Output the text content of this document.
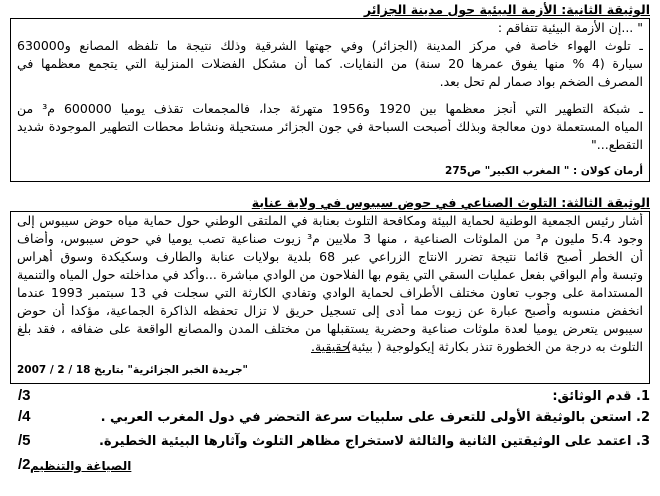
الوثيقة الثانية: الأزمة البيئية حول مدينة الجزائر
" ...إن الأزمة البيئية تتفاقم :
ـ تلوث الهواء خاصة في مركز المدينة (الجزائر) وفي جهتها الشرقية وذلك نتيجة ما تلفظه المصانع و630000
سيارة (4 % منها يفوق عمرها 20 سنة) من النفايات. كما أن مشكل الفضلات المنزلية التي يتجمع معظمها في
المصرف الضخم بواد صمار لم تحل بعد.
ـ شبكة التطهير التي أنجز معظمها بين 1920 و1956 متهرئة جدا، فالمجمعات تقذف يوميا 600000 م³ من
المياه المستعملة دون معالجة وبذلك أصبحت السباحة في جون الجزائر مستحيلة ونشاط محطات التطهير الموجودة شديد
التقطع..."
أرمان كولان : " المغرب الكبير" ص275
الوثيقة الثالثة: التلوث الصناعي في حوض سيبوس في ولاية عنابة
أشار رئيس الجمعية الوطنية لحماية البيئة ومكافحة التلوث بعنابة في الملتقى الوطني حول حماية مياه حوض سيبوس إلى
وجود 5.4 مليون م³ من الملوثات الصناعية ، منها 3 ملايين م³ زيوت صناعية تصب يوميا في حوض سيبوس، وأضاف
أن الخطر أصبح قائما نتيجة تضرر الانتاج الزراعي عبر 68 بلدية بولايات عنابة والطارف وسكيكدة وسوق أهراس
وتبسة وأم البواقي بفعل عمليات السقي التي يقوم بها الفلاحون من الوادي مباشرة ...وأكد في مداخلته حول المياه والتنمية
المستدامة على وجوب تعاون مختلف الأطراف لحماية الوادي وتفادي الكارثة التي سجلت في 13 سبتمبر 1993 عندما
انخفض منسوبه وأصبح عبارة عن زيوت مما أدى إلى تسجيل حريق لا تزال تحفظه الذاكرة الجماعية، مؤكدا أن حوض
سيبوس يتعرض يوميا لعدة ملوثات صناعية وحضرية يستقبلها من مختلف المدن والمصانع الواقعة على ضفافه ، فقد بلغ
التلوث به درجة من الخطورة تنذر بكارثة إيكولوجية ( بيئية)
حقيقية.
"جريدة الخبر الجزائرية" بتاريخ 18 / 2 / 2007
1. قدم الوثائق:
/3
2. استعن بالوثيقة الأولى للتعرف على سلبيات سرعة التحضر في دول المغرب العربي .
/4
3. اعتمد على الوثيقتين الثانية والثالثة لاستخراج مظاهر التلوث وآثارها البيئية الخطيرة.
/5
الصياغة والتنظيم
/2
